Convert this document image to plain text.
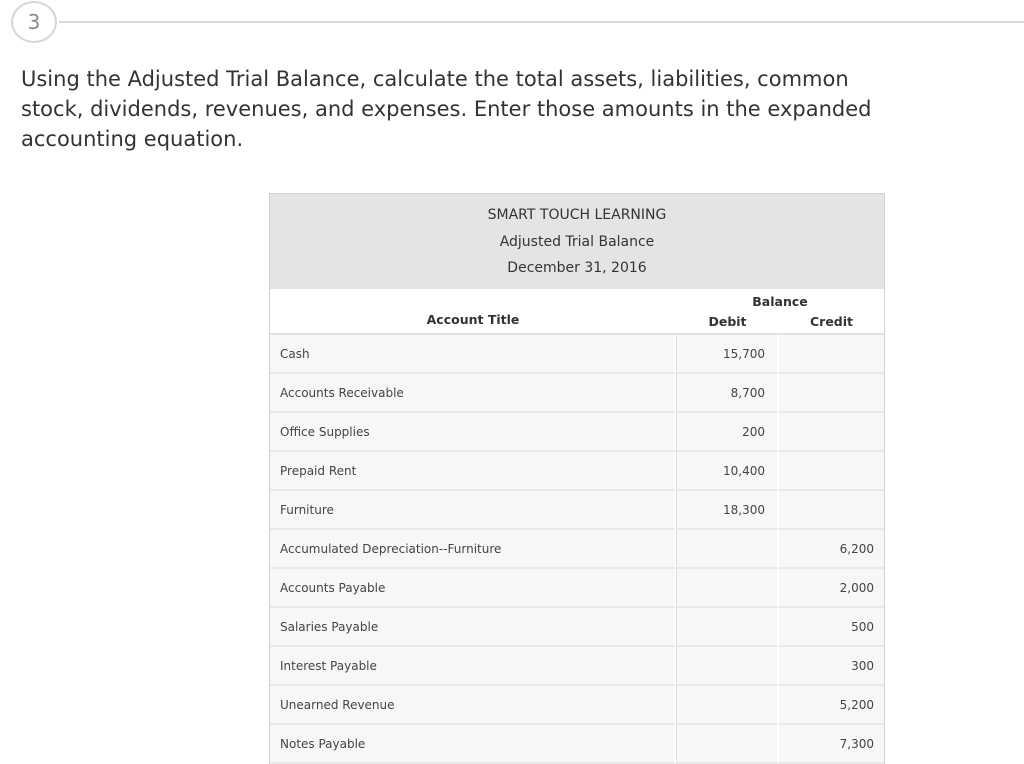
3
Using the Adjusted Trial Balance, calculate the total assets, liabilities, common stock, dividends, revenues, and expenses. Enter those amounts in the expanded accounting equation.
SMART TOUCH LEARNING
Adjusted Trial Balance
December 31, 2016
Account Title	Balance	
	Debit	Credit
Cash	15,700	
Accounts Receivable	8,700	
Office Supplies	200	
Prepaid Rent	10,400	
Furniture	18,300	
Accumulated Depreciation--Furniture		6,200
Accounts Payable		2,000
Salaries Payable		500
Interest Payable		300
Unearned Revenue		5,200
Notes Payable		7,300
